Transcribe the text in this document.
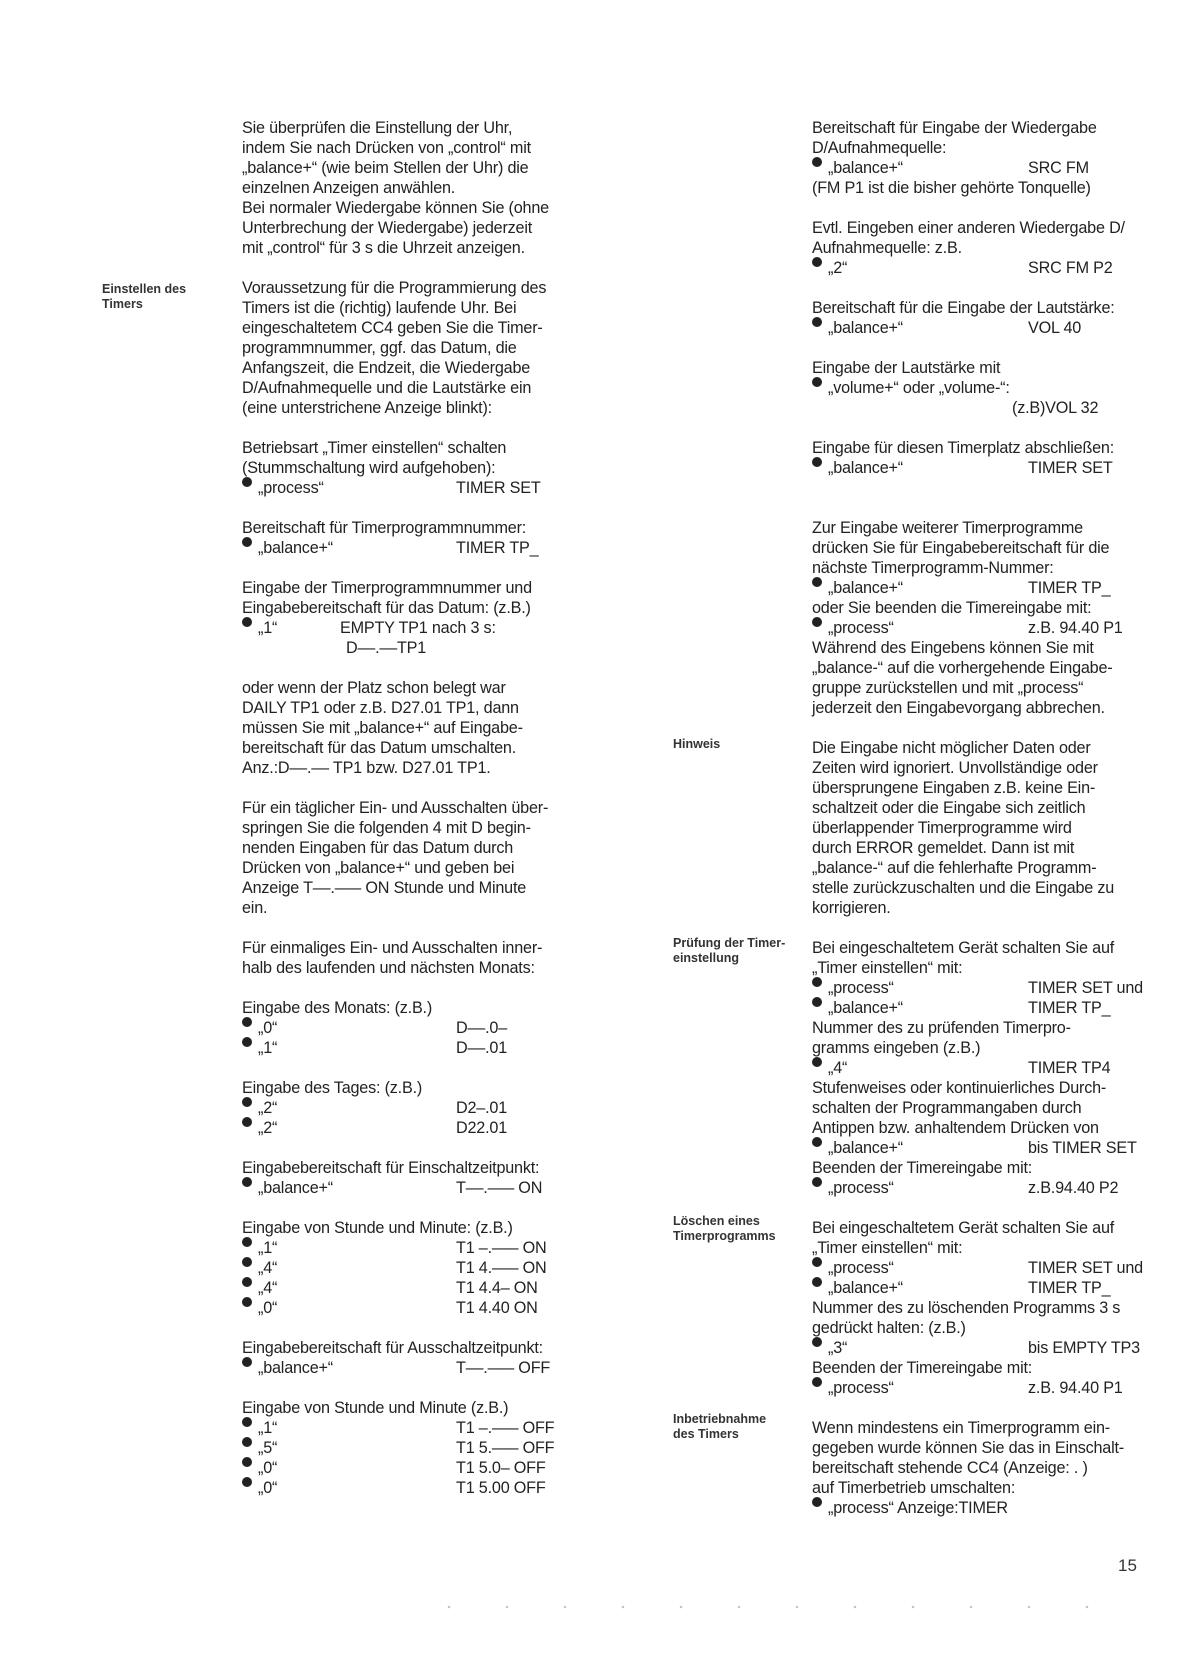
Einstellen des
Timers
Hinweis
Prüfung der Timer-
einstellung
Löschen eines
Timerprogramms
Inbetriebnahme
des Timers

Sie überprüfen die Einstellung der Uhr,
indem Sie nach Drücken von „control“ mit
„balance+“ (wie beim Stellen der Uhr) die
einzelnen Anzeigen anwählen.
Bei normaler Wiedergabe können Sie (ohne
Unterbrechung der Wiedergabe) jederzeit
mit „control“ für 3 s die Uhrzeit anzeigen.

Voraussetzung für die Programmierung des
Timers ist die (richtig) laufende Uhr. Bei
eingeschaltetem CC4 geben Sie die Timer-
programmnummer, ggf. das Datum, die
Anfangszeit, die Endzeit, die Wiedergabe
D/Aufnahmequelle und die Lautstärke ein
(eine unterstrichene Anzeige blinkt):

Betriebsart „Timer einstellen“ schalten
(Stummschaltung wird aufgehoben):

„process“	TIMER SET

Bereitschaft für Timerprogrammnummer:

„balance+“	TIMER TP_

Eingabe der Timerprogrammnummer und
Eingabebereitschaft für das Datum: (z.B.)

„1“	EMPTY TP1 nach 3 s:
D––.––TP1

oder wenn der Platz schon belegt war
DAILY TP1 oder z.B. D27.01 TP1, dann
müssen Sie mit „balance+“ auf Eingabe-
bereitschaft für das Datum umschalten.
Anz.:D––.–– TP1 bzw. D27.01 TP1.

Für ein täglicher Ein- und Ausschalten über-
springen Sie die folgenden 4 mit D begin-
nenden Eingaben für das Datum durch
Drücken von „balance+“ und geben bei
Anzeige T––.––– ON Stunde und Minute
ein.

Für einmaliges Ein- und Ausschalten inner-
halb des laufenden und nächsten Monats:

Eingabe des Monats: (z.B.)

„0“	D––.0–
„1“	D––.01

Eingabe des Tages: (z.B.)

„2“	D2–.01
„2“	D22.01

Eingabebereitschaft für Einschaltzeitpunkt:

„balance+“	T––.––– ON

Eingabe von Stunde und Minute: (z.B.)

„1“	T1 –.––– ON
„4“	T1 4.––– ON
„4“	T1 4.4– ON
„0“	T1 4.40 ON

Eingabebereitschaft für Ausschaltzeitpunkt:

„balance+“	T––.––– OFF

Eingabe von Stunde und Minute (z.B.)

„1“	T1 –.––– OFF
„5“	T1 5.––– OFF
„0“	T1 5.0– OFF
„0“	T1 5.00 OFF

Bereitschaft für Eingabe der Wiedergabe
D/Aufnahmequelle:

„balance+“	SRC FM

(FM P1 ist die bisher gehörte Tonquelle)

Evtl. Eingeben einer anderen Wiedergabe D/
Aufnahmequelle: z.B.

„2“	SRC FM P2

Bereitschaft für die Eingabe der Lautstärke:

„balance+“	VOL 40

Eingabe der Lautstärke mit

„volume+“ oder „volume-“:
(z.B)VOL 32

Eingabe für diesen Timerplatz abschließen:

„balance+“	TIMER SET

Zur Eingabe weiterer Timerprogramme
drücken Sie für Eingabebereitschaft für die
nächste Timerprogramm-Nummer:

„balance+“	TIMER TP_

oder Sie beenden die Timereingabe mit:

„process“	z.B. 94.40 P1

Während des Eingebens können Sie mit
„balance-“ auf die vorhergehende Eingabe-
gruppe zurückstellen und mit „process“
jederzeit den Eingabevorgang abbrechen.

Die Eingabe nicht möglicher Daten oder
Zeiten wird ignoriert. Unvollständige oder
übersprungene Eingaben z.B. keine Ein-
schaltzeit oder die Eingabe sich zeitlich
überlappender Timerprogramme wird
durch ERROR gemeldet. Dann ist mit
„balance-“ auf die fehlerhafte Programm-
stelle zurückzuschalten und die Eingabe zu
korrigieren.

Bei eingeschaltetem Gerät schalten Sie auf
„Timer einstellen“ mit:

„process“	TIMER SET und
„balance+“	TIMER TP_

Nummer des zu prüfenden Timerpro-
gramms eingeben (z.B.)

„4“	TIMER TP4

Stufenweises oder kontinuierliches Durch-
schalten der Programmangaben durch
Antippen bzw. anhaltendem Drücken von

„balance+“	bis TIMER SET

Beenden der Timereingabe mit:

„process“	z.B.94.40 P2

Bei eingeschaltetem Gerät schalten Sie auf
„Timer einstellen“ mit:

„process“	TIMER SET und
„balance+“	TIMER TP_

Nummer des zu löschenden Programms 3 s
gedrückt halten: (z.B.)

„3“	bis EMPTY TP3

Beenden der Timereingabe mit:

„process“	z.B. 94.40 P1

Wenn mindestens ein Timerprogramm ein-
gegeben wurde können Sie das in Einschalt-
bereitschaft stehende CC4 (Anzeige: . )
auf Timerbetrieb umschalten:

„process“ Anzeige:TIMER
15
